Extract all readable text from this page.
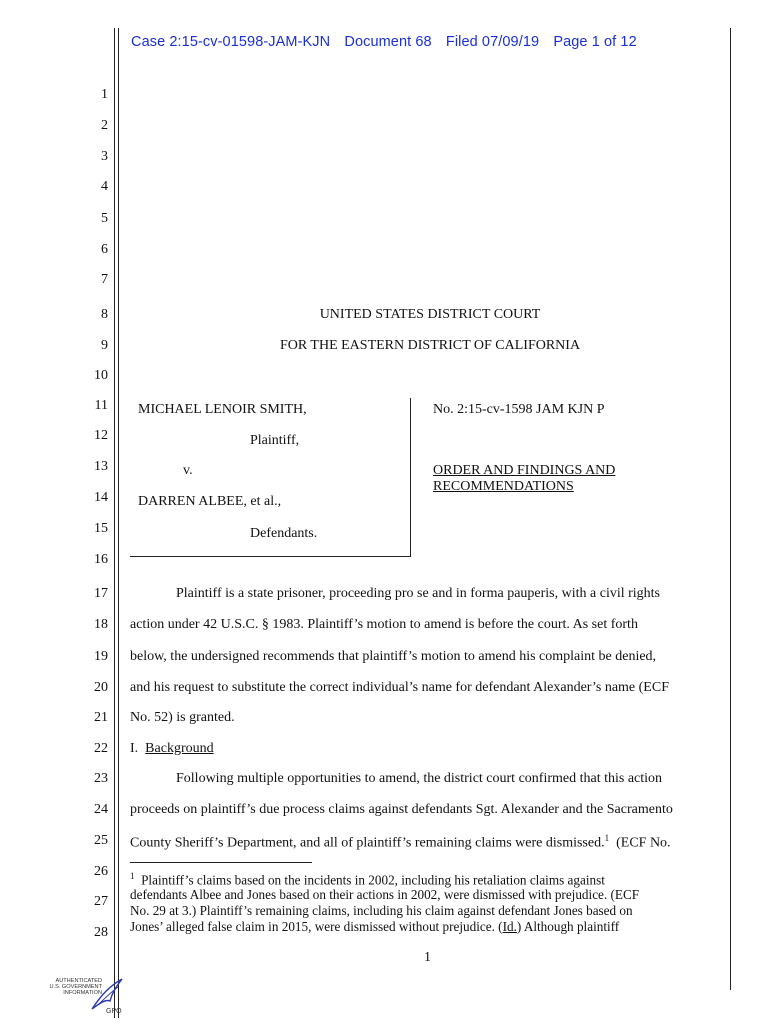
Case 2:15-cv-01598-JAM-KJN Document 68 Filed 07/09/19 Page 1 of 12
1
2
3
4
5
6
7
8
9
10
11
12
13
14
15
16
17
18
19
20
21
22
23
24
25
26
27
28
UNITED STATES DISTRICT COURT
FOR THE EASTERN DISTRICT OF CALIFORNIA
MICHAEL LENOIR SMITH,
Plaintiff,
v.
DARREN ALBEE, et al.,
Defendants.
No. 2:15-cv-1598 JAM KJN P
ORDER AND FINDINGS AND
RECOMMENDATIONS
Plaintiff is a state prisoner, proceeding pro se and in forma pauperis, with a civil rights
action under 42 U.S.C. § 1983. Plaintiff’s motion to amend is before the court. As set forth
below, the undersigned recommends that plaintiff’s motion to amend his complaint be denied,
and his request to substitute the correct individual’s name for defendant Alexander’s name (ECF
No. 52) is granted.
I. Background
Following multiple opportunities to amend, the district court confirmed that this action
proceeds on plaintiff’s due process claims against defendants Sgt. Alexander and the Sacramento
County Sheriff’s Department, and all of plaintiff’s remaining claims were dismissed.$^1$ (ECF No.
$^1$ Plaintiff’s claims based on the incidents in 2002, including his retaliation claims against
defendants Albee and Jones based on their actions in 2002, were dismissed with prejudice. (ECF
No. 29 at 3.) Plaintiff’s remaining claims, including his claim against defendant Jones based on
Jones’ alleged false claim in 2015, were dismissed without prejudice. (Id.) Although plaintiff
1
AUTHENTICATED
U.S. GOVERNMENT
INFORMATION
GPO
